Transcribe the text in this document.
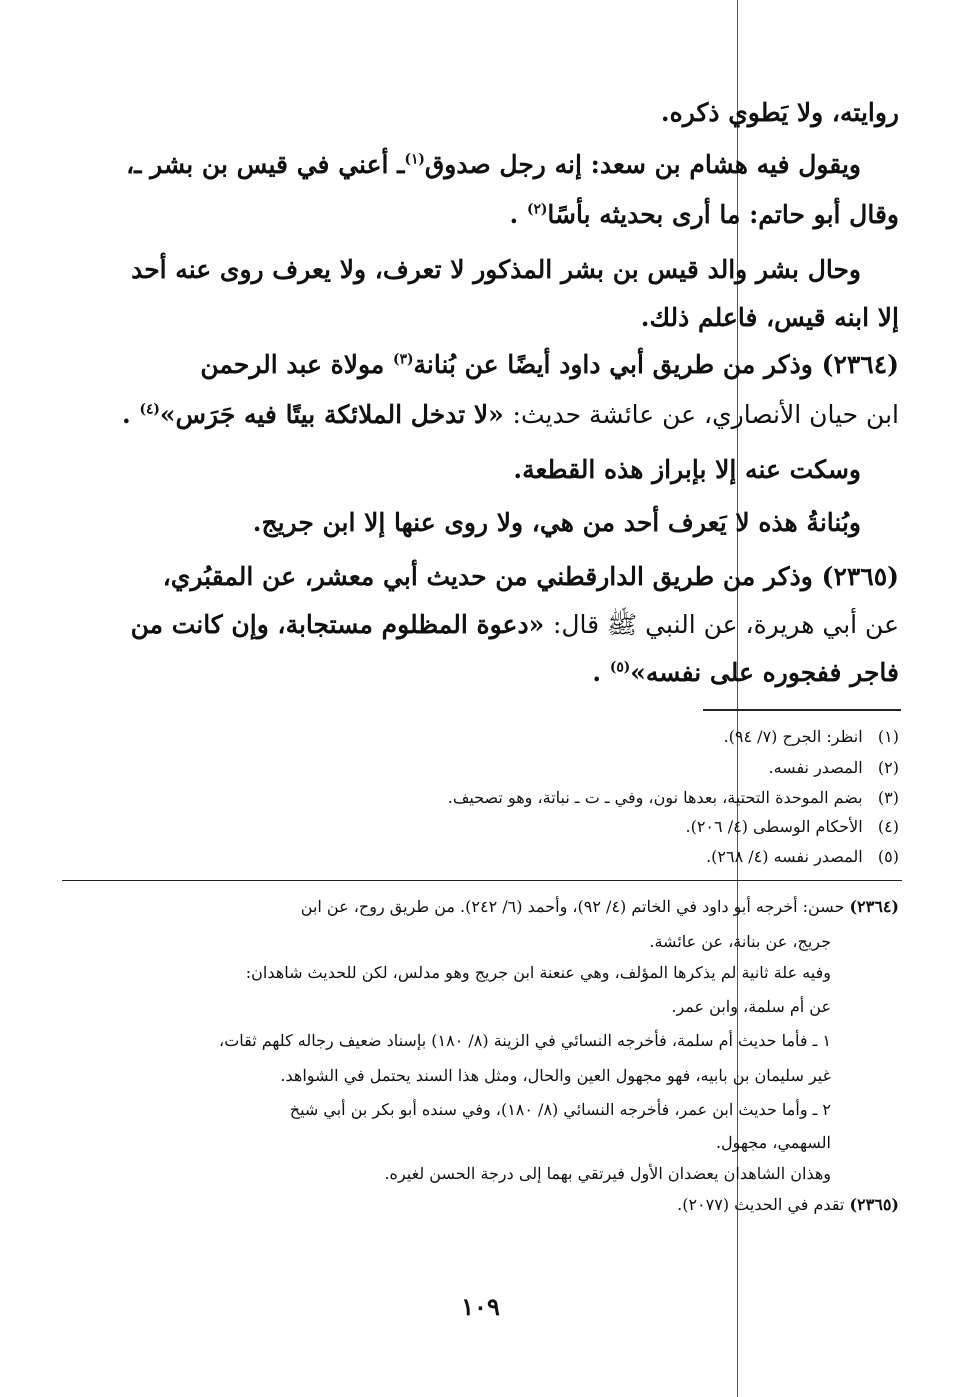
روايته، ولا يَطوي ذكره.
ويقول فيه هشام بن سعد: إنه رجل صدوق$^{(١)}$ـ أعني في قيس بن بشر ـ،
وقال أبو حاتم: ما أرى بحديثه بأسًا$^{(٢)}$ .
وحال بشر والد قيس بن بشر المذكور لا تعرف، ولا يعرف روى عنه أحد
إلا ابنه قيس، فاعلم ذلك.
(٢٣٦٤) وذكر من طريق أبي داود أيضًا عن بُنانة$^{(٣)}$ مولاة عبد الرحمن
ابن حيان الأنصاري، عن عائشة حديث: «لا تدخل الملائكة بيتًا فيه جَرَس»$^{(٤)}$ .
وسكت عنه إلا بإبراز هذه القطعة.
وبُنانةُ هذه لا يَعرف أحد من هي، ولا روى عنها إلا ابن جريج.
(٢٣٦٥) وذكر من طريق الدارقطني من حديث أبي معشر، عن المقبُري،
عن أبي هريرة، عن النبي ﷺ قال: «دعوة المظلوم مستجابة، وإن كانت من
فاجر ففجوره على نفسه»$^{(٥)}$ .
(١)   انظر: الجرح (٧/ ٩٤).
(٢)   المصدر نفسه.
(٣)   بضم الموحدة التحتية، بعدها نون، وفي ـ ت ـ نباتة، وهو تصحيف.
(٤)   الأحكام الوسطى (٤/ ٢٠٦).
(٥)   المصدر نفسه (٤/ ٢٦٨).
(٢٣٦٤) حسن: أخرجه أبو داود في الخاتم (٤/ ٩٢)، وأحمد (٦/ ٢٤٢). من طريق روح، عن ابن
جريج، عن بنانة، عن عائشة.
وفيه علة ثانية لم يذكرها المؤلف، وهي عنعنة ابن جريج وهو مدلس، لكن للحديث شاهدان:
عن أم سلمة، وابن عمر.
١ ـ فأما حديث أم سلمة، فأخرجه النسائي في الزينة (٨/ ١٨٠) بإسناد ضعيف رجاله كلهم ثقات،
غير سليمان بن بابيه، فهو مجهول العين والحال، ومثل هذا السند يحتمل في الشواهد.
٢ ـ وأما حديث ابن عمر، فأخرجه النسائي (٨/ ١٨٠)، وفي سنده أبو بكر بن أبي شيخ
السهمي، مجهول.
وهذان الشاهدان يعضدان الأول فيرتقي بهما إلى درجة الحسن لغيره.
(٢٣٦٥) تقدم في الحديث (٢٠٧٧).
١٠٩
